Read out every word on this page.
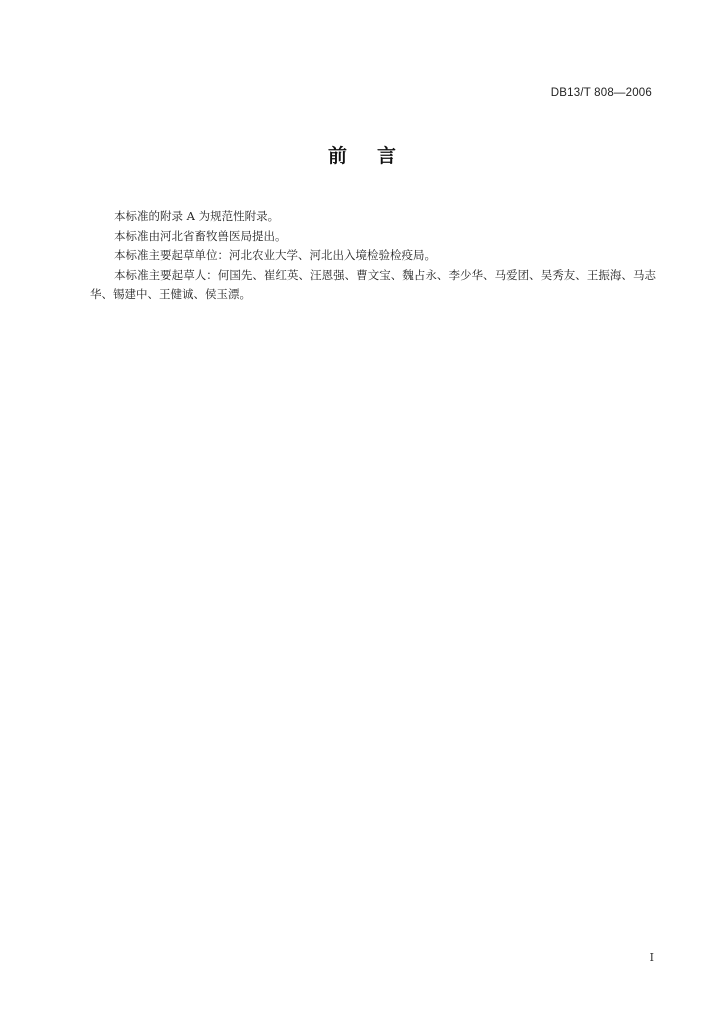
DB13/T 808—2006
前言

本标准的附录 A 为规范性附录。

本标准由河北省畜牧兽医局提出。

本标准主要起草单位：河北农业大学、河北出入境检验检疫局。

本标准主要起草人：何国先、崔红英、汪恩强、曹文宝、魏占永、李少华、马爱团、吴秀友、王振海、马志华、锡建中、王健诚、侯玉漂。

I
